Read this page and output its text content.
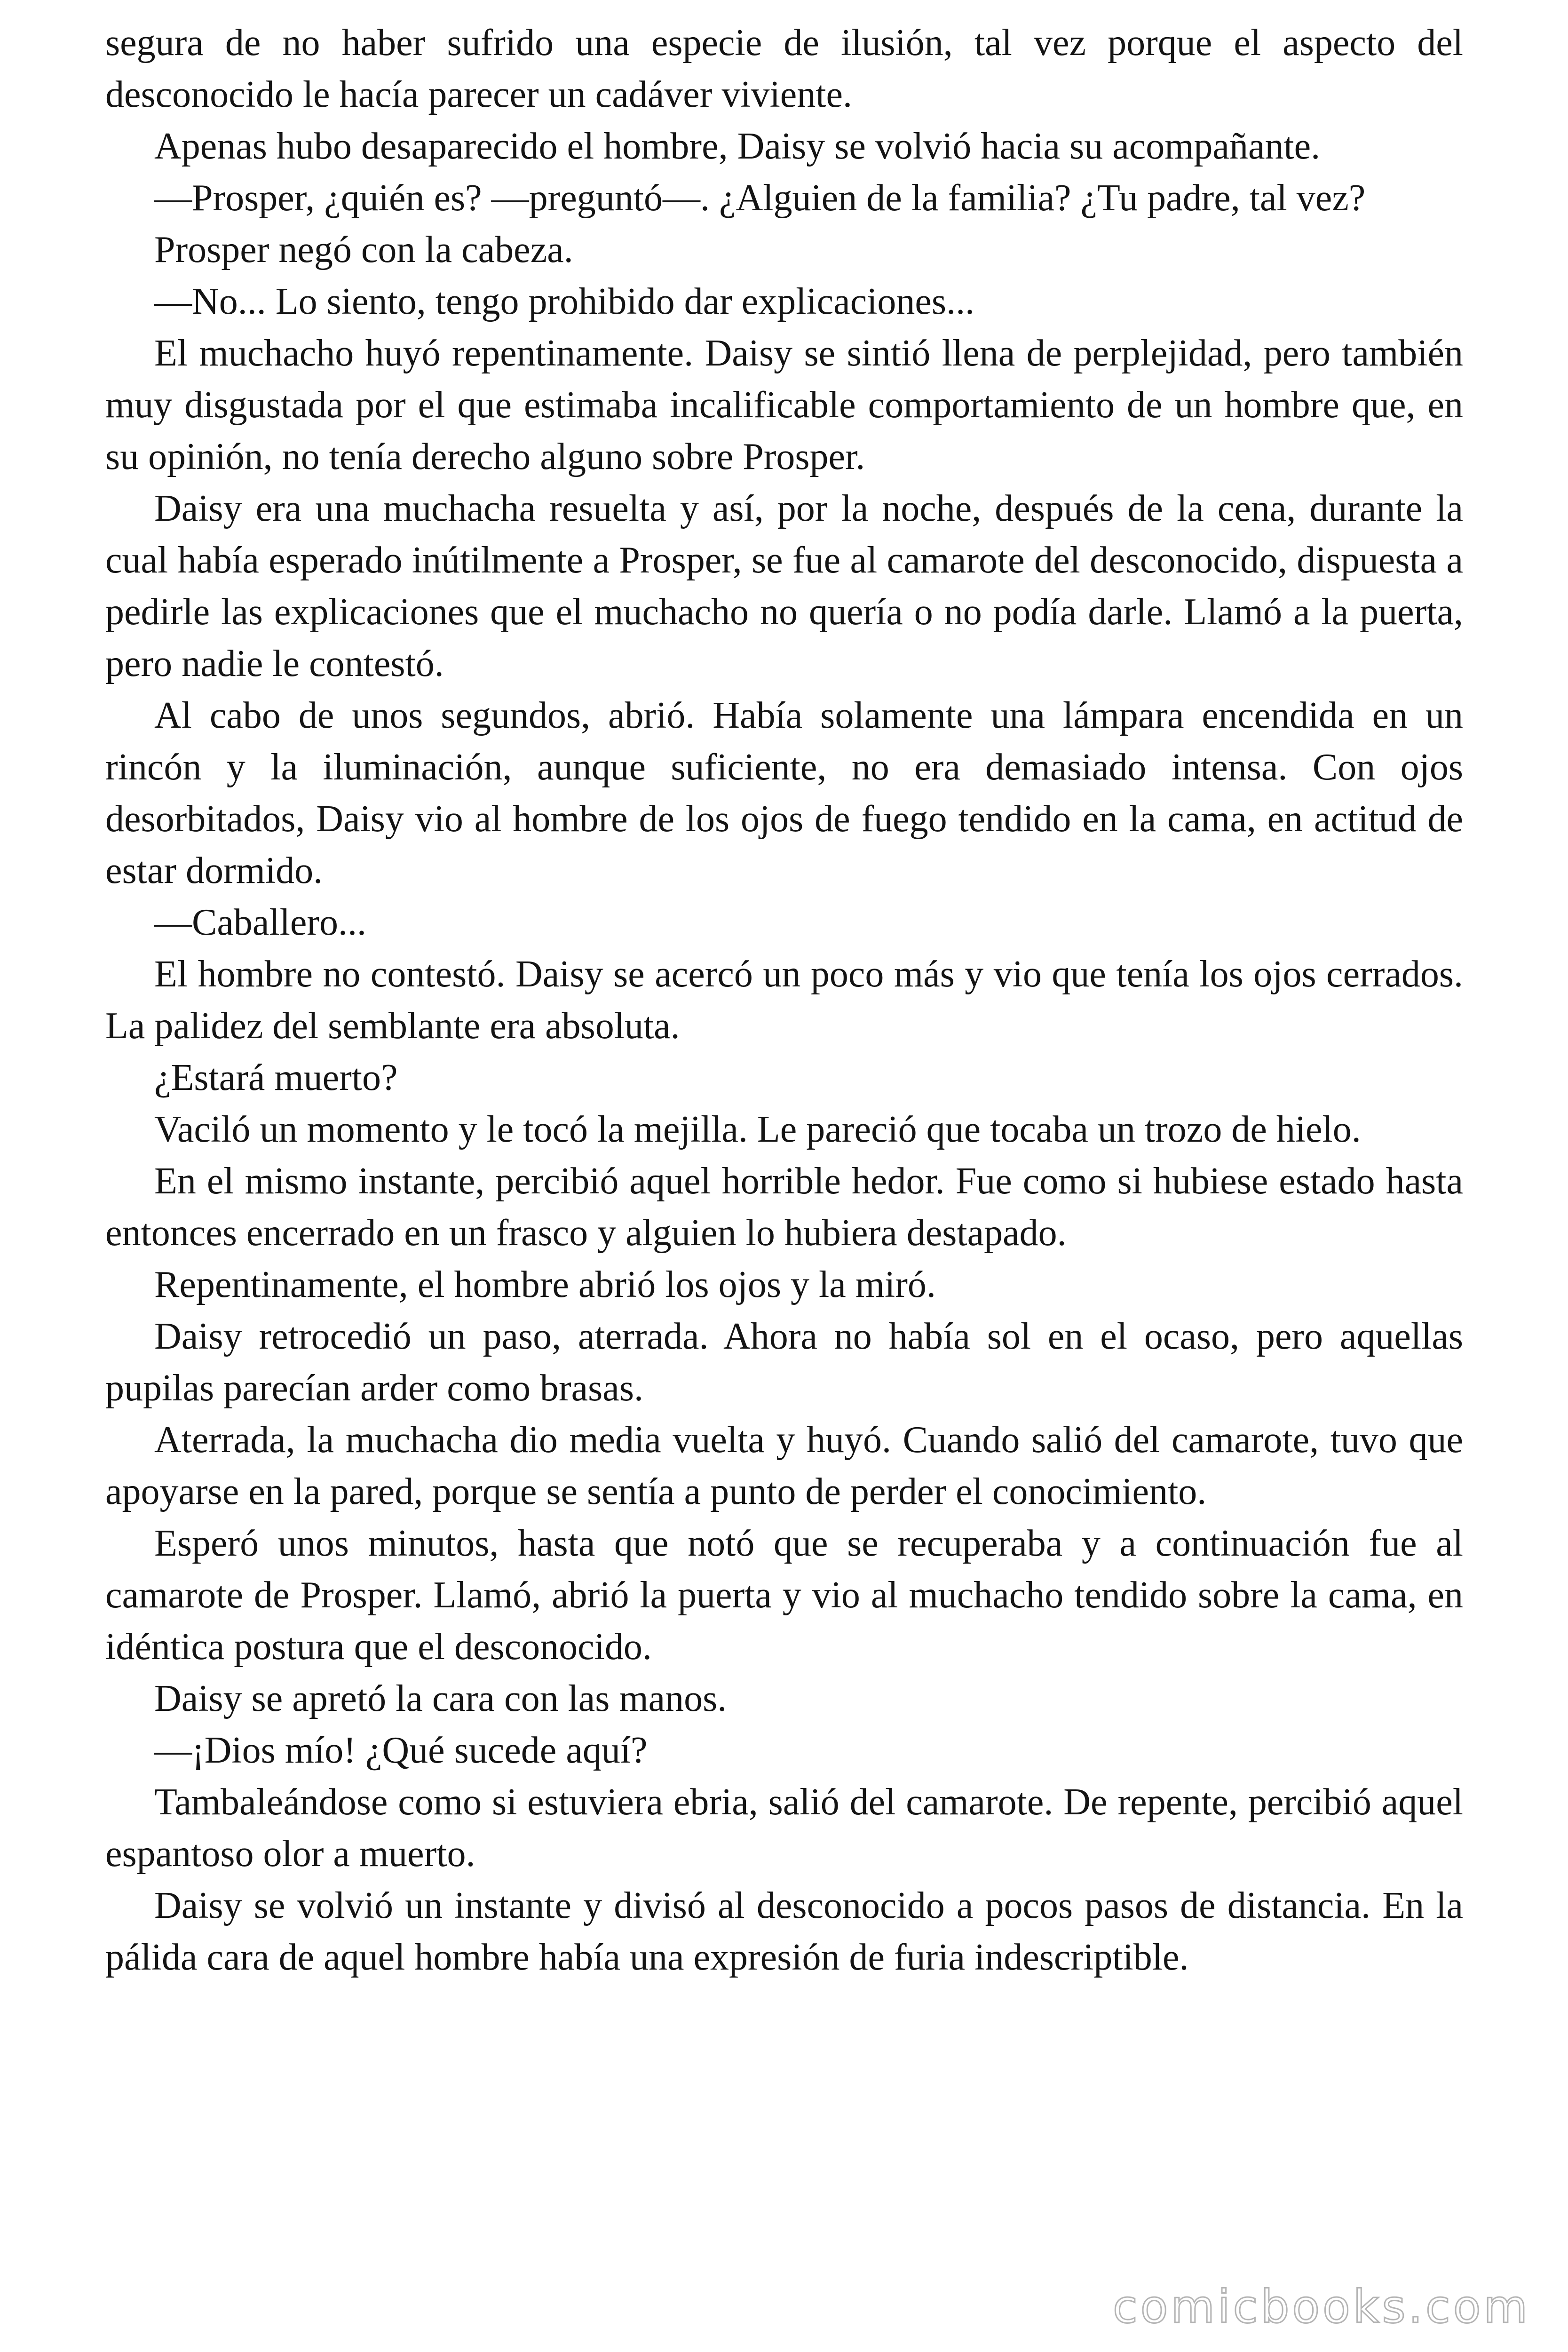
segura de no haber sufrido una especie de ilusión, tal vez porque el aspecto del desconocido le hacía parecer un cadáver viviente.

Apenas hubo desaparecido el hombre, Daisy se volvió hacia su acompañante.

—Prosper, ¿quién es? —preguntó—. ¿Alguien de la familia? ¿Tu padre, tal vez?

Prosper negó con la cabeza.

—No... Lo siento, tengo prohibido dar explicaciones...

El muchacho huyó repentinamente. Daisy se sintió llena de perplejidad, pero también muy disgustada por el que estimaba incalificable comportamiento de un hombre que, en su opinión, no tenía derecho alguno sobre Prosper.

Daisy era una muchacha resuelta y así, por la noche, después de la cena, durante la cual había esperado inútilmente a Prosper, se fue al camarote del desconocido, dispuesta a pedirle las explicaciones que el muchacho no quería o no podía darle. Llamó a la puerta, pero nadie le contestó.

Al cabo de unos segundos, abrió. Había solamente una lámpara encendida en un rincón y la iluminación, aunque suficiente, no era demasiado intensa. Con ojos desorbitados, Daisy vio al hombre de los ojos de fuego tendido en la cama, en actitud de estar dormido.

—Caballero...

El hombre no contestó. Daisy se acercó un poco más y vio que tenía los ojos cerrados. La palidez del semblante era absoluta.

¿Estará muerto?

Vaciló un momento y le tocó la mejilla. Le pareció que tocaba un trozo de hielo.

En el mismo instante, percibió aquel horrible hedor. Fue como si hubiese estado hasta entonces encerrado en un frasco y alguien lo hubiera destapado.

Repentinamente, el hombre abrió los ojos y la miró.

Daisy retrocedió un paso, aterrada. Ahora no había sol en el ocaso, pero aquellas pupilas parecían arder como brasas.

Aterrada, la muchacha dio media vuelta y huyó. Cuando salió del camarote, tuvo que apoyarse en la pared, porque se sentía a punto de perder el conocimiento.

Esperó unos minutos, hasta que notó que se recuperaba y a continuación fue al camarote de Prosper. Llamó, abrió la puerta y vio al muchacho tendido sobre la cama, en idéntica postura que el desconocido.

Daisy se apretó la cara con las manos.

—¡Dios mío! ¿Qué sucede aquí?

Tambaleándose como si estuviera ebria, salió del camarote. De repente, percibió aquel espantoso olor a muerto.

Daisy se volvió un instante y divisó al desconocido a pocos pasos de distancia. En la pálida cara de aquel hombre había una expresión de furia indescriptible.

comicbooks.com
